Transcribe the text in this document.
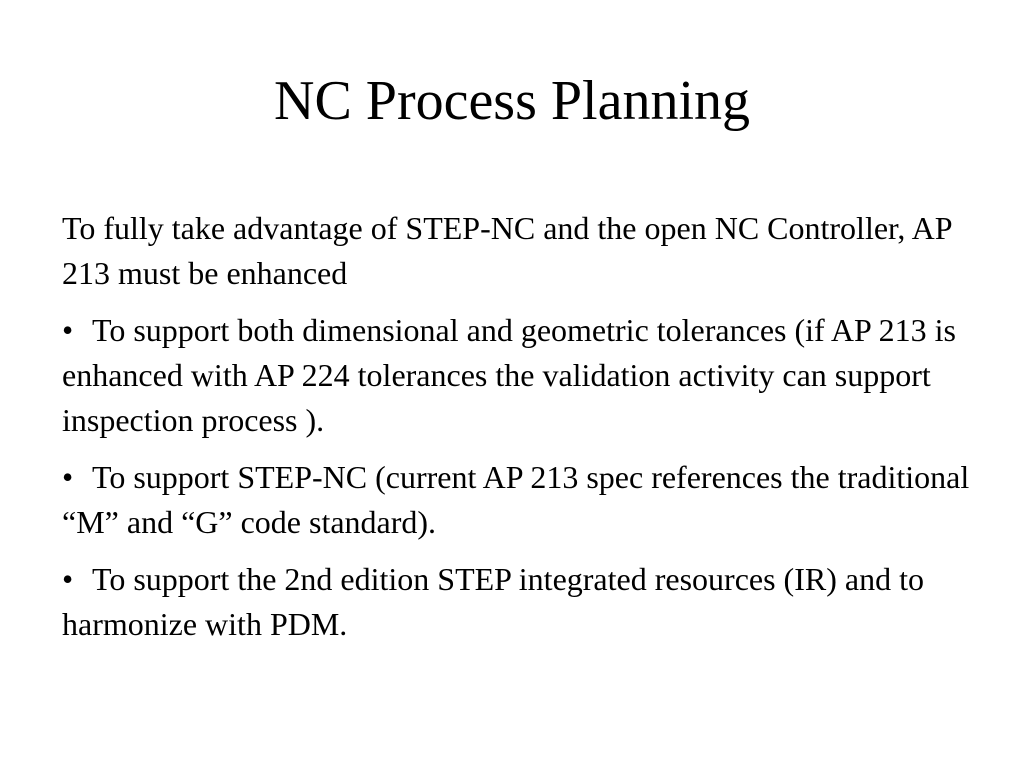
NC Process Planning

To fully take advantage of STEP-NC and the open NC Controller, AP 213 must be enhanced

• To support both dimensional and geometric tolerances (if AP 213 is enhanced with AP 224 tolerances the validation activity can support inspection process ).

• To support STEP-NC (current AP 213 spec references the traditional “M” and “G” code standard).

• To support the 2nd edition STEP integrated resources (IR) and to harmonize with PDM.
